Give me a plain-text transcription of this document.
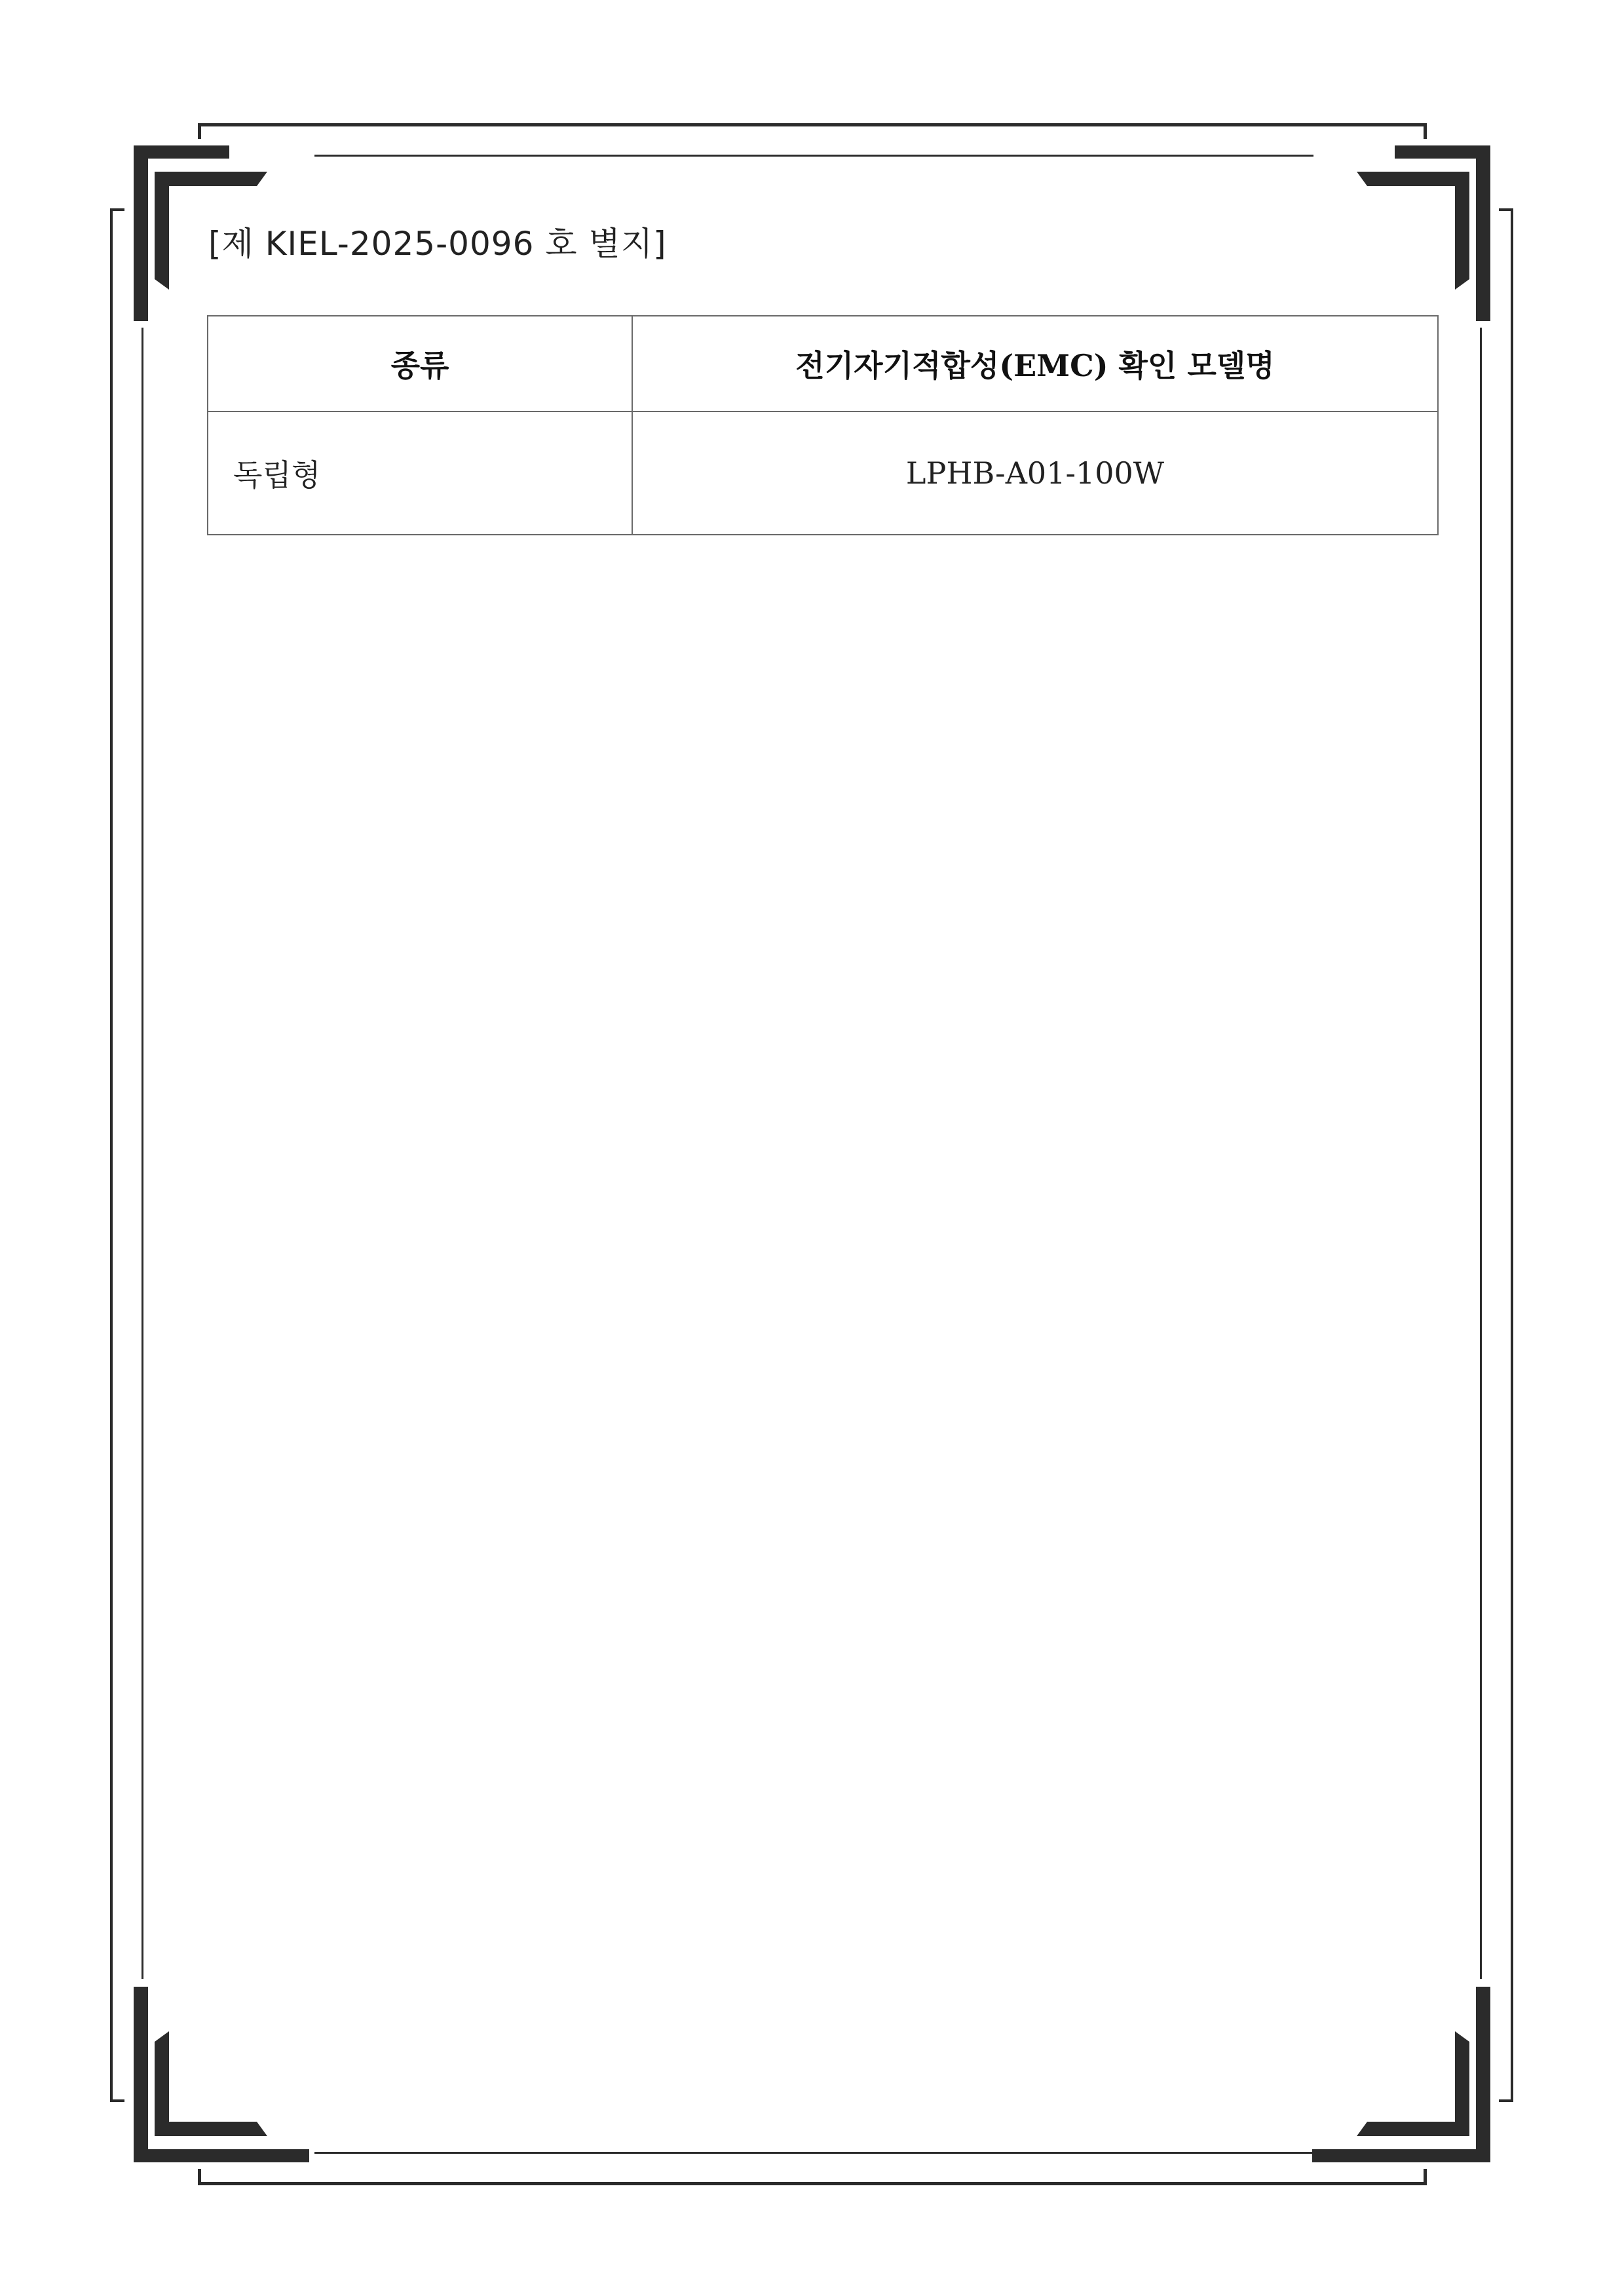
[제 KIEL-2025-0096 호 별지]
종류	전기자기적합성(EMC) 확인 모델명
독립형	LPHB-A01-100W
